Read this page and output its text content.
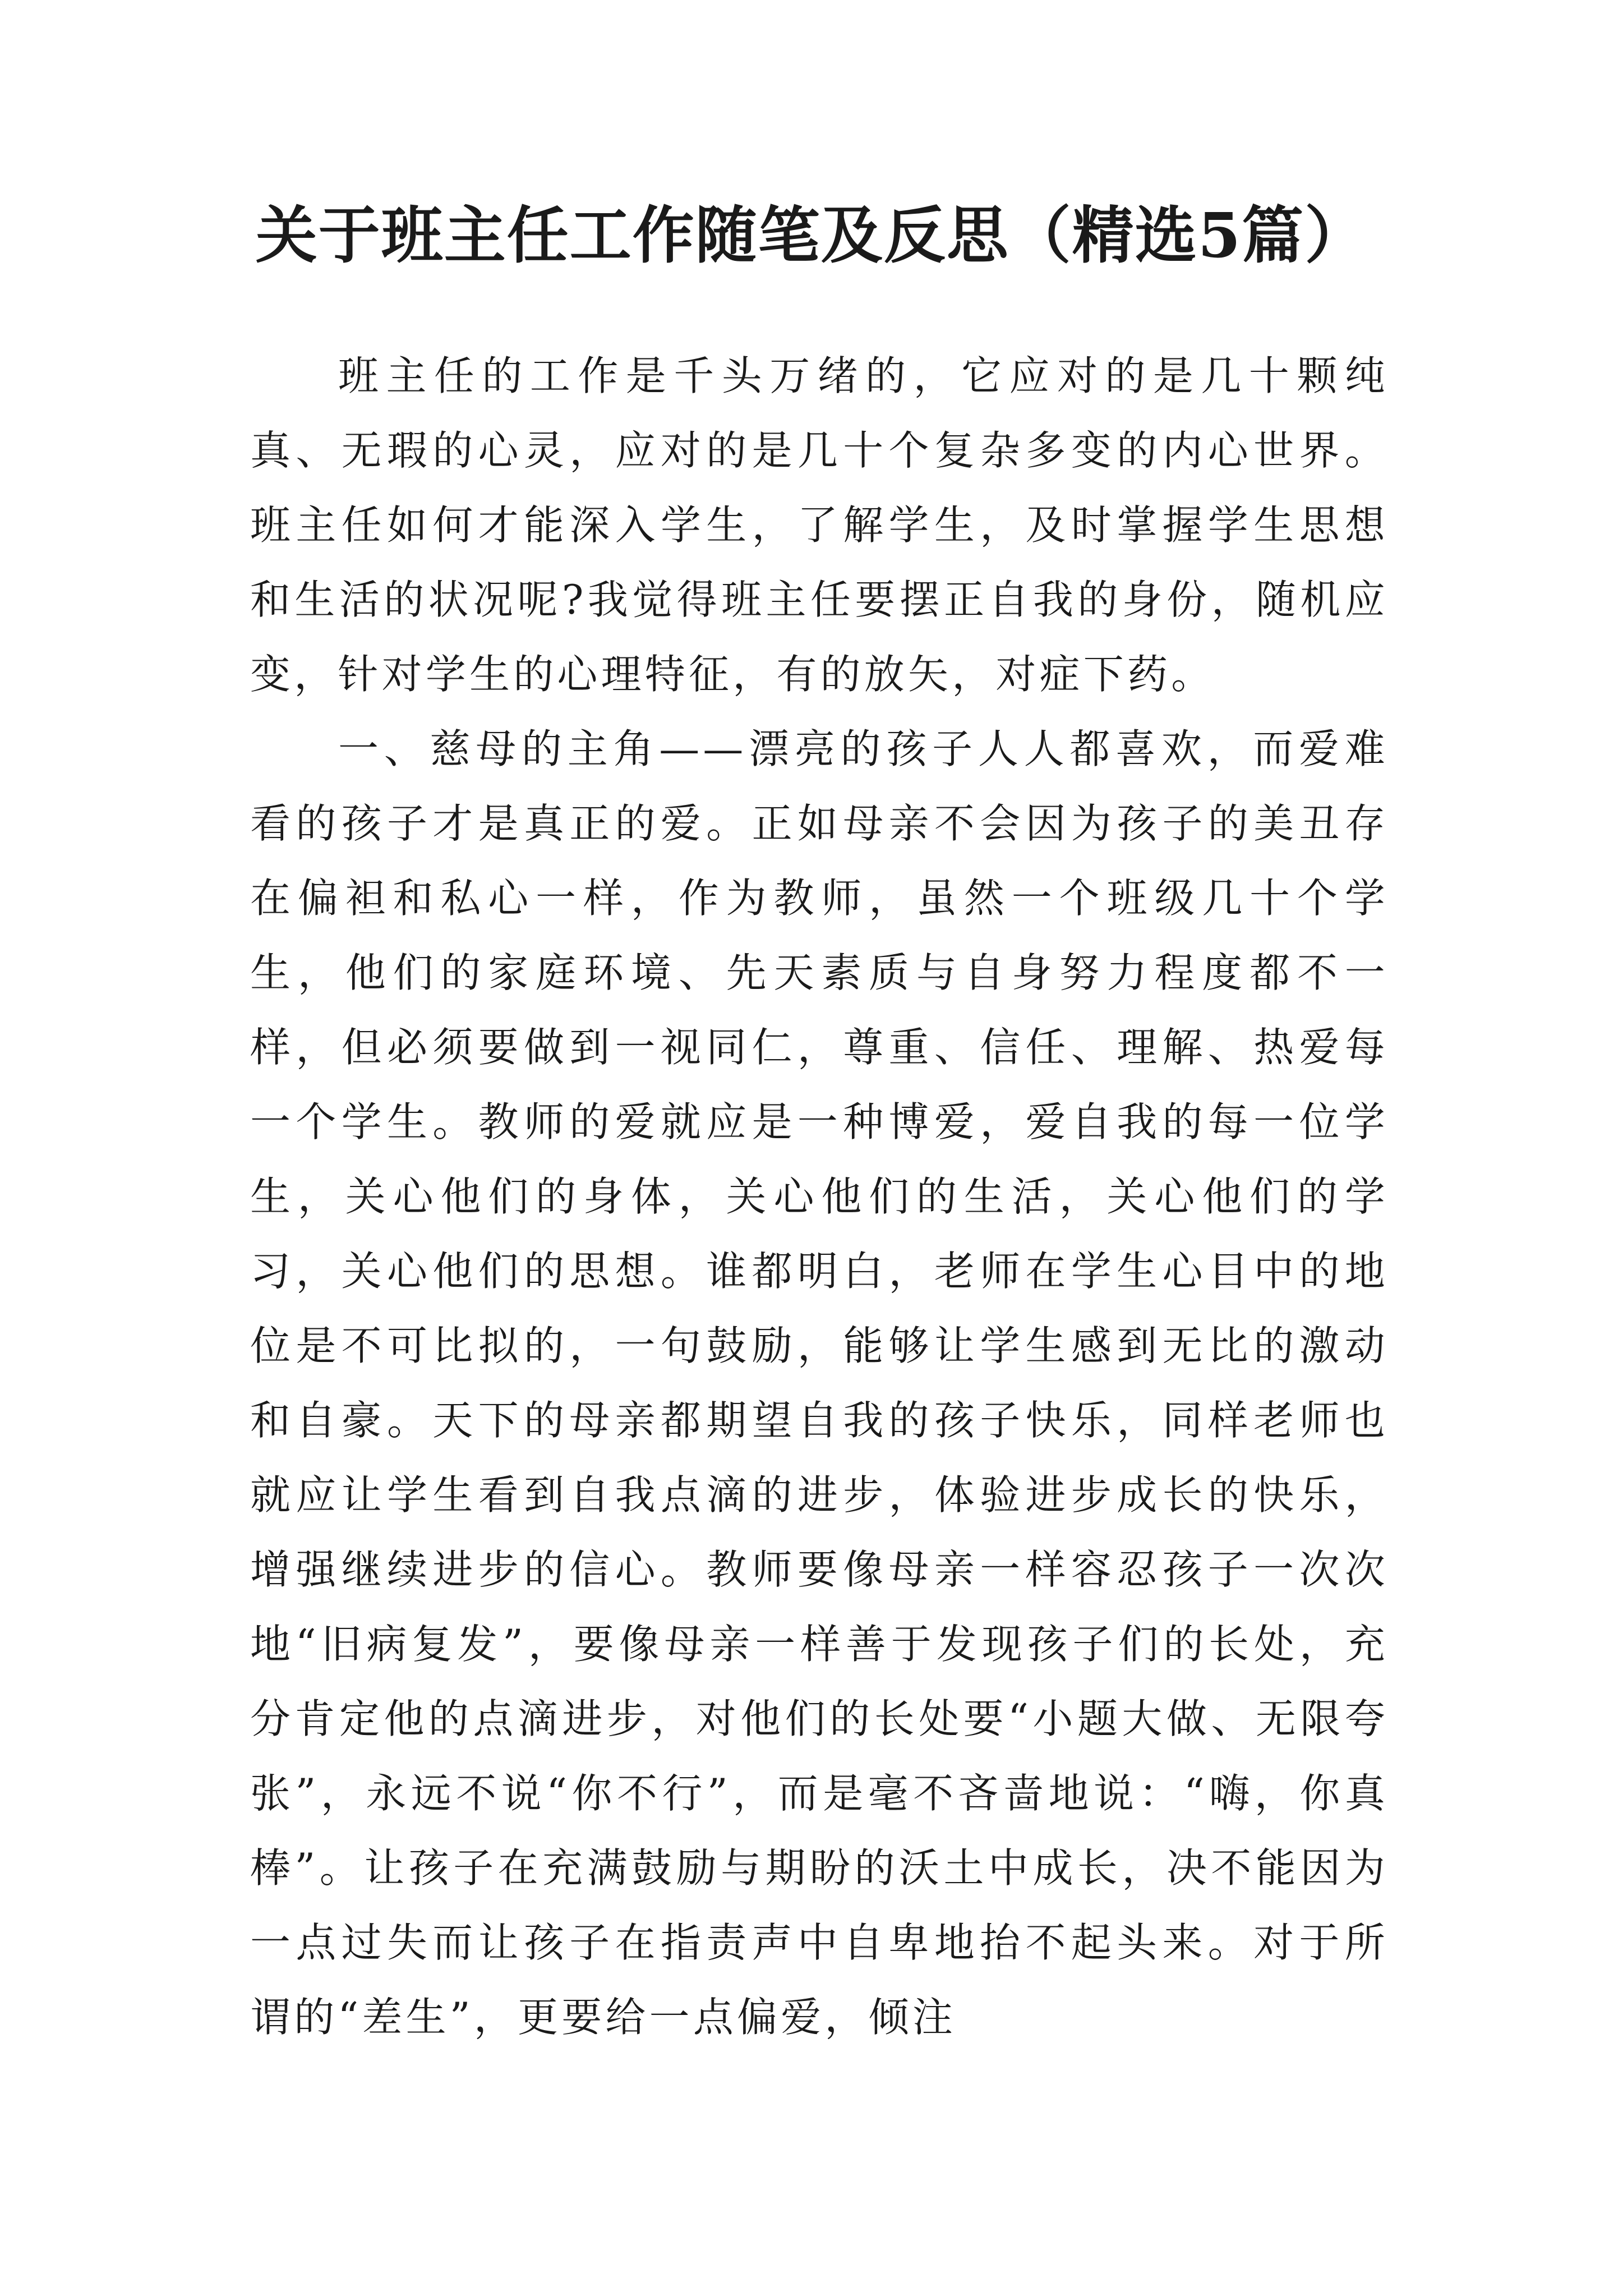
关于班主任工作随笔及反思（精选5篇）

班主任的工作是千头万绪的，它应对的是几十颗纯真、无瑕的心灵，应对的是几十个复杂多变的内心世界。班主任如何才能深入学生，了解学生，及时掌握学生思想和生活的状况呢?我觉得班主任要摆正自我的身份，随机应变，针对学生的心理特征，有的放矢，对症下药。

一、慈母的主角——漂亮的孩子人人都喜欢，而爱难看的孩子才是真正的爱。正如母亲不会因为孩子的美丑存在偏袒和私心一样，作为教师，虽然一个班级几十个学生，他们的家庭环境、先天素质与自身努力程度都不一样，但必须要做到一视同仁，尊重、信任、理解、热爱每一个学生。教师的爱就应是一种博爱，爱自我的每一位学生，关心他们的身体，关心他们的生活，关心他们的学习，关心他们的思想。谁都明白，老师在学生心目中的地位是不可比拟的，一句鼓励，能够让学生感到无比的激动和自豪。天下的母亲都期望自我的孩子快乐，同样老师也就应让学生看到自我点滴的进步，体验进步成长的快乐，增强继续进步的信心。教师要像母亲一样容忍孩子一次次地“旧病复发”，要像母亲一样善于发现孩子们的长处，充分肯定他的点滴进步，对他们的长处要“小题大做、无限夸张”，永远不说“你不行”，而是毫不吝啬地说：“嗨，你真棒”。让孩子在充满鼓励与期盼的沃土中成长，决不能因为一点过失而让孩子在指责声中自卑地抬不起头来。对于所谓的“差生”，更要给一点偏爱，倾注
